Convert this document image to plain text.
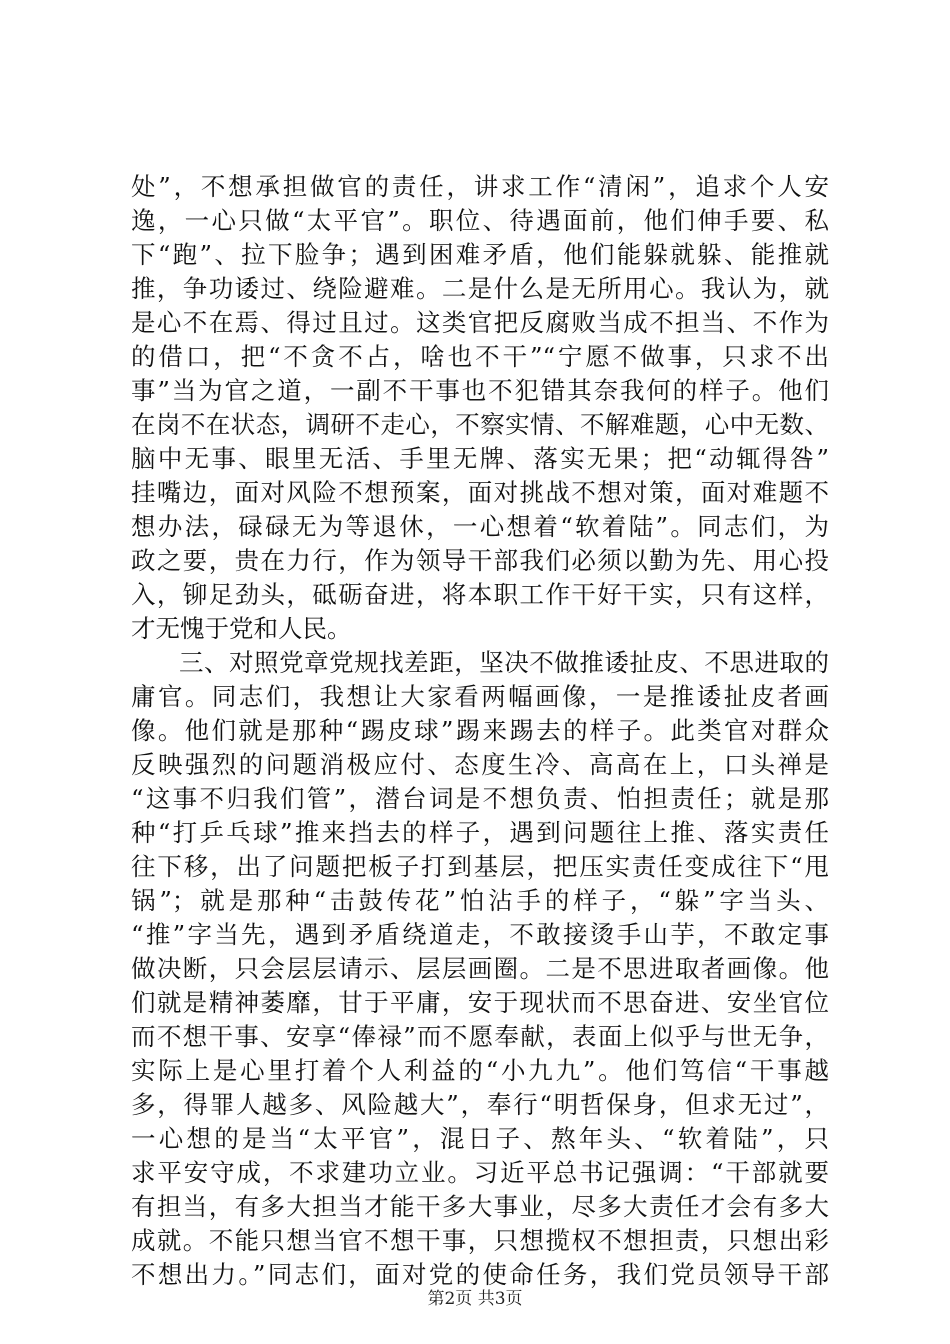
处”，不想承担做官的责任，讲求工作“清闲”，追求个人安
逸，一心只做“太平官”。职位、待遇面前，他们伸手要、私
下“跑”、拉下脸争；遇到困难矛盾，他们能躲就躲、能推就
推，争功诿过、绕险避难。二是什么是无所用心。我认为，就
是心不在焉、得过且过。这类官把反腐败当成不担当、不作为
的借口，把“不贪不占，啥也不干”“宁愿不做事，只求不出
事”当为官之道，一副不干事也不犯错其奈我何的样子。他们
在岗不在状态，调研不走心，不察实情、不解难题，心中无数、
脑中无事、眼里无活、手里无牌、落实无果；把“动辄得咎”
挂嘴边，面对风险不想预案，面对挑战不想对策，面对难题不
想办法，碌碌无为等退休，一心想着“软着陆”。同志们，为
政之要，贵在力行，作为领导干部我们必须以勤为先、用心投
入，铆足劲头，砥砺奋进，将本职工作干好干实，只有这样，
才无愧于党和人民。
三、对照党章党规找差距，坚决不做推诿扯皮、不思进取的
庸官。同志们，我想让大家看两幅画像，一是推诿扯皮者画
像。他们就是那种“踢皮球”踢来踢去的样子。此类官对群众
反映强烈的问题消极应付、态度生冷、高高在上，口头禅是
“这事不归我们管”，潜台词是不想负责、怕担责任；就是那
种“打乒乓球”推来挡去的样子，遇到问题往上推、落实责任
往下移，出了问题把板子打到基层，把压实责任变成往下“甩
锅”；就是那种“击鼓传花”怕沾手的样子，“躲”字当头、
“推”字当先，遇到矛盾绕道走，不敢接烫手山芋，不敢定事
做决断，只会层层请示、层层画圈。二是不思进取者画像。他
们就是精神萎靡，甘于平庸，安于现状而不思奋进、安坐官位
而不想干事、安享“俸禄”而不愿奉献，表面上似乎与世无争，
实际上是心里打着个人利益的“小九九”。他们笃信“干事越
多，得罪人越多、风险越大”，奉行“明哲保身，但求无过”，
一心想的是当“太平官”，混日子、熬年头、“软着陆”，只
求平安守成，不求建功立业。习近平总书记强调：“干部就要
有担当，有多大担当才能干多大事业，尽多大责任才会有多大
成就。不能只想当官不想干事，只想揽权不想担责，只想出彩
不想出力。”同志们，面对党的使命任务，我们党员领导干部
第2页 共3页
